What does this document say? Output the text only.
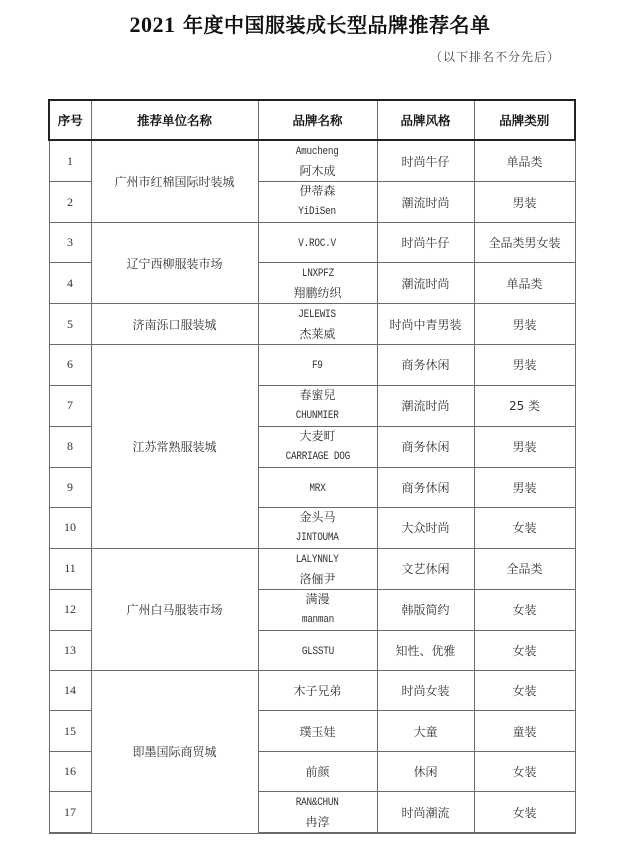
2021 年度中国服装成长型品牌推荐名单
（以下排名不分先后）
序号	推荐单位名称	品牌名称	品牌风格	品牌类别
1	广州市红棉国际时装城	Amucheng
阿木成	时尚牛仔	单品类
2		伊蒂森
YiDiSen	潮流时尚	男装
3	辽宁西柳服装市场	V.ROC.V	时尚牛仔	全品类男女装
4		LNXPFZ
翔鹏纺织	潮流时尚	单品类
5	济南泺口服装城	JELEWIS
杰莱威	时尚中青男装	男装
6	江苏常熟服装城	F9	商务休闲	男装
7		春蜜兒
CHUNMIER	潮流时尚	25 类
8		大麦町
CARRIAGE DOG	商务休闲	男装
9		MRX	商务休闲	男装
10		金头马
JINTOUMA	大众时尚	女装
11	广州白马服装市场	LALYNNLY
洛俪尹	文艺休闲	全品类
12		满漫
manman	韩版简约	女装
13		GLSSTU	知性、优雅	女装
14	即墨国际商贸城	木子兄弟	时尚女装	女装
15		璞玉娃	大童	童装
16		前颜	休闲	女装
17		RAN&CHUN
冉淳	时尚潮流	女装
